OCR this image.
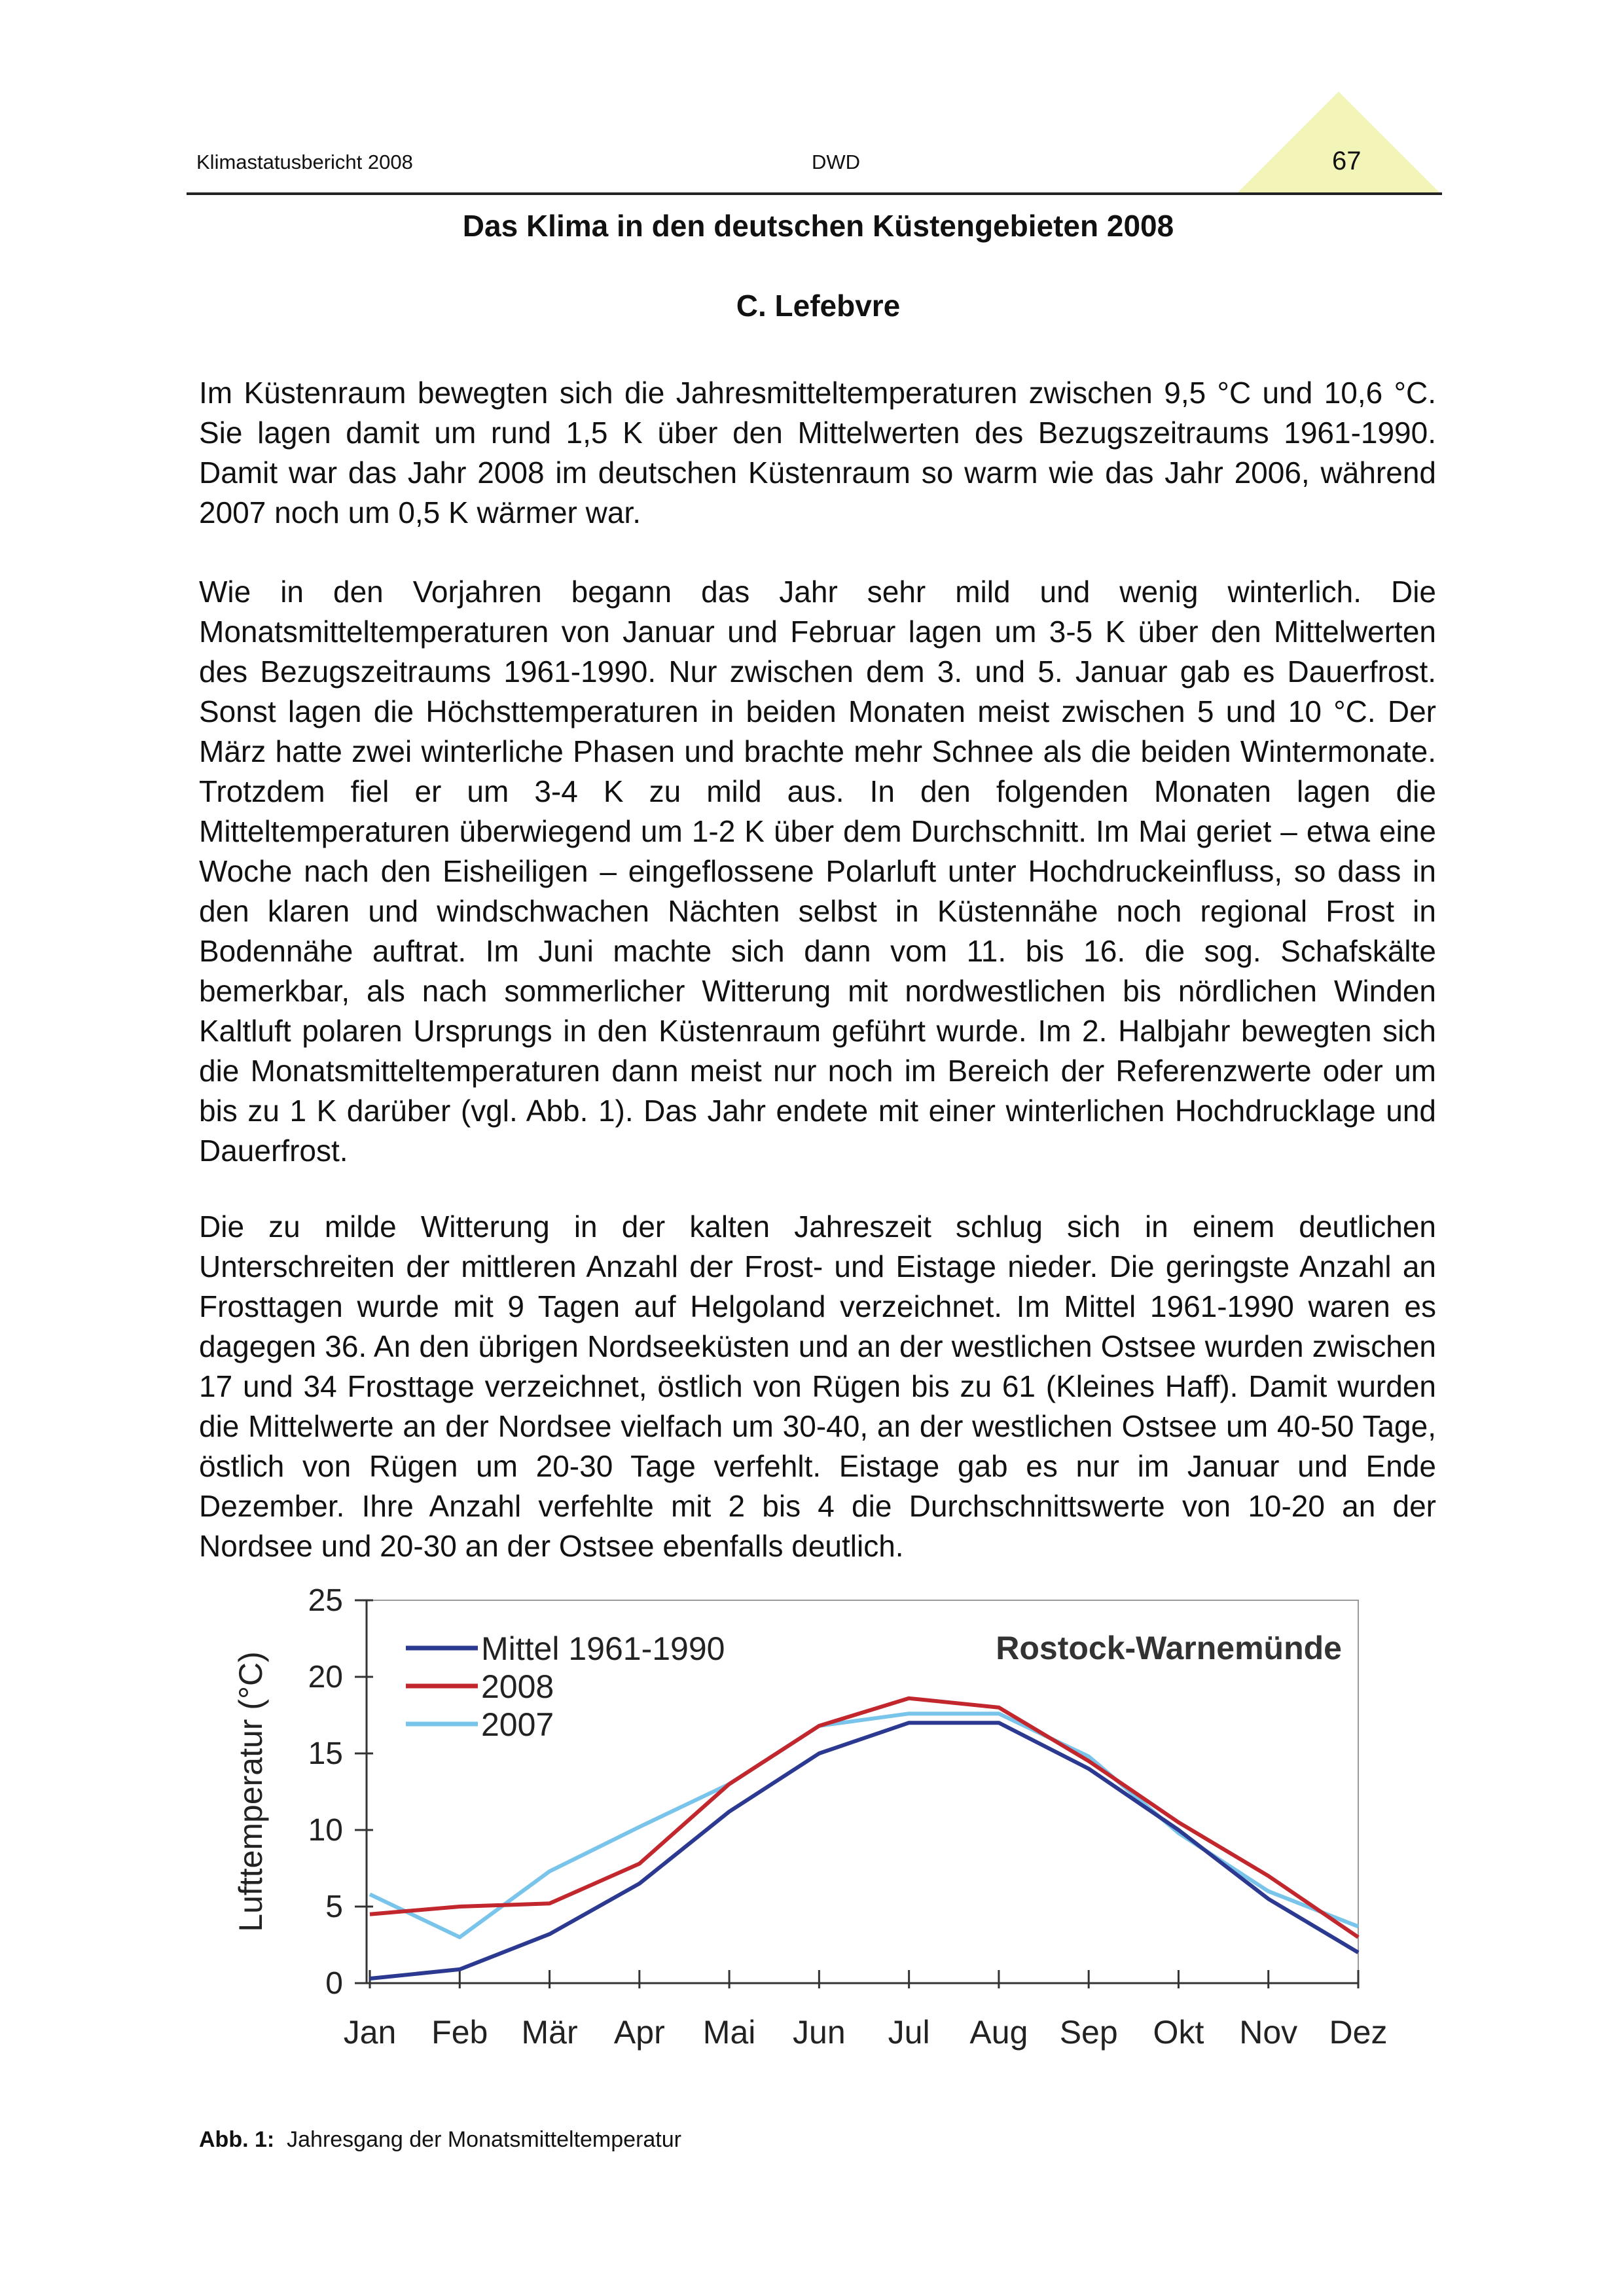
Klimastatusbericht 2008	DWD	67
Das Klima in den deutschen Küstengebieten 2008
C. Lefebvre

Im Küstenraum bewegten sich die Jahresmitteltemperaturen zwischen 9,5 °C und 10,6 °C. Sie lagen damit um rund 1,5 K über den Mittelwerten des Bezugszeitraums 1961-1990. Damit war das Jahr 2008 im deutschen Küstenraum so warm wie das Jahr 2006, während 2007 noch um 0,5 K wärmer war.

Wie in den Vorjahren begann das Jahr sehr mild und wenig winterlich. Die Monatsmitteltemperaturen von Januar und Februar lagen um 3-5 K über den Mittelwerten des Bezugszeitraums 1961-1990. Nur zwischen dem 3. und 5. Januar gab es Dauerfrost. Sonst lagen die Höchsttemperaturen in beiden Monaten meist zwischen 5 und 10 °C. Der März hatte zwei winterliche Phasen und brachte mehr Schnee als die beiden Wintermonate. Trotzdem fiel er um 3-4 K zu mild aus. In den folgenden Monaten lagen die Mitteltemperaturen überwiegend um 1-2 K über dem Durchschnitt. Im Mai geriet – etwa eine Woche nach den Eisheiligen – eingeflossene Polarluft unter Hochdruckeinfluss, so dass in den klaren und windschwachen Nächten selbst in Küstennähe noch regional Frost in Bodennähe auftrat. Im Juni machte sich dann vom 11. bis 16. die sog. Schafskälte bemerkbar, als nach sommerlicher Witterung mit nordwestlichen bis nördlichen Winden Kaltluft polaren Ursprungs in den Küstenraum geführt wurde. Im 2. Halbjahr bewegten sich die Monatsmitteltemperaturen dann meist nur noch im Bereich der Referenzwerte oder um bis zu 1 K darüber (vgl. Abb. 1). Das Jahr endete mit einer winterlichen Hochdrucklage und Dauerfrost.

Die zu milde Witterung in der kalten Jahreszeit schlug sich in einem deutlichen Unterschreiten der mittleren Anzahl der Frost- und Eistage nieder. Die geringste Anzahl an Frosttagen wurde mit 9 Tagen auf Helgoland verzeichnet. Im Mittel 1961-1990 waren es dagegen 36. An den übrigen Nordseeküsten und an der westlichen Ostsee wurden zwischen 17 und 34 Frosttage verzeichnet, östlich von Rügen bis zu 61 (Kleines Haff). Damit wurden die Mittelwerte an der Nordsee vielfach um 30-40, an der westlichen Ostsee um 40-50 Tage, östlich von Rügen um 20-30 Tage verfehlt. Eistage gab es nur im Januar und Ende Dezember. Ihre Anzahl verfehlte mit 2 bis 4 die Durchschnittswerte von 10-20 an der Nordsee und 20-30 an der Ostsee ebenfalls deutlich.

0
5
10
15
20
25
Jan Feb Mär Apr Mai Jun Jul Aug Sep Okt Nov Dez
Lufttemperatur (°C)
Rostock-Warnemünde
Mittel 1961-1990
2008
2007
Abb. 1: Jahresgang der Monatsmitteltemperatur
